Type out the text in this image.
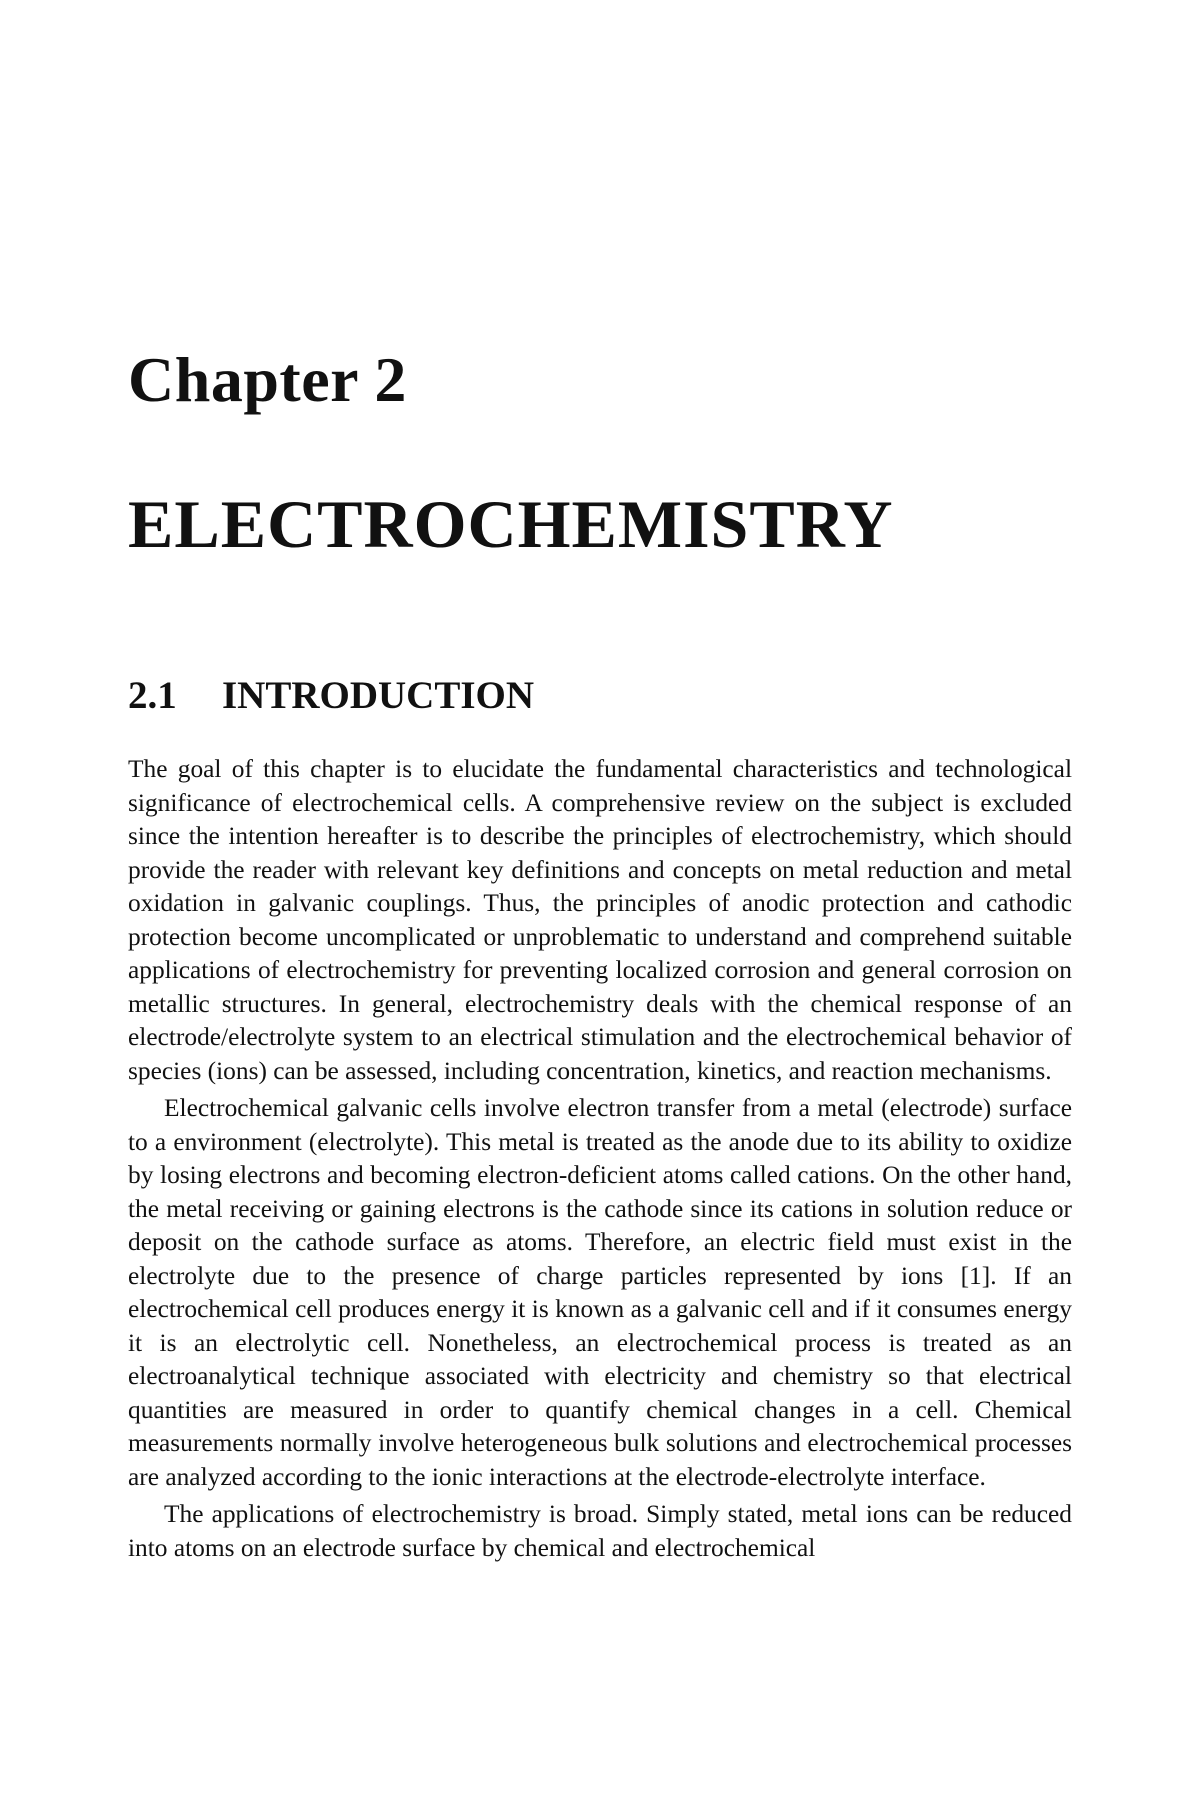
Chapter 2
ELECTROCHEMISTRY
2.1 INTRODUCTION

The goal of this chapter is to elucidate the fundamental characteristics and technological significance of electrochemical cells. A comprehensive review on the subject is excluded since the intention hereafter is to describe the principles of electrochemistry, which should provide the reader with relevant key definitions and concepts on metal reduction and metal oxidation in galvanic couplings. Thus, the principles of anodic protection and cathodic protection become uncomplicated or unproblematic to understand and comprehend suitable applications of electrochemistry for preventing localized corrosion and general corrosion on metallic structures. In general, electrochemistry deals with the chemical response of an electrode/electrolyte system to an electrical stimulation and the electrochemical behavior of species (ions) can be assessed, including concentration, kinetics, and reaction mechanisms.

Electrochemical galvanic cells involve electron transfer from a metal (electrode) surface to a environment (electrolyte). This metal is treated as the anode due to its ability to oxidize by losing electrons and becoming electron-deficient atoms called cations. On the other hand, the metal receiving or gaining electrons is the cathode since its cations in solution reduce or deposit on the cathode surface as atoms. Therefore, an electric field must exist in the electrolyte due to the presence of charge particles represented by ions [1]. If an electrochemical cell produces energy it is known as a galvanic cell and if it consumes energy it is an electrolytic cell. Nonetheless, an electrochemical process is treated as an electroanalytical technique associated with electricity and chemistry so that electrical quantities are measured in order to quantify chemical changes in a cell. Chemical measurements normally involve heterogeneous bulk solutions and electrochemical processes are analyzed according to the ionic interactions at the electrode-electrolyte interface.

The applications of electrochemistry is broad. Simply stated, metal ions can be reduced into atoms on an electrode surface by chemical and electrochemical
